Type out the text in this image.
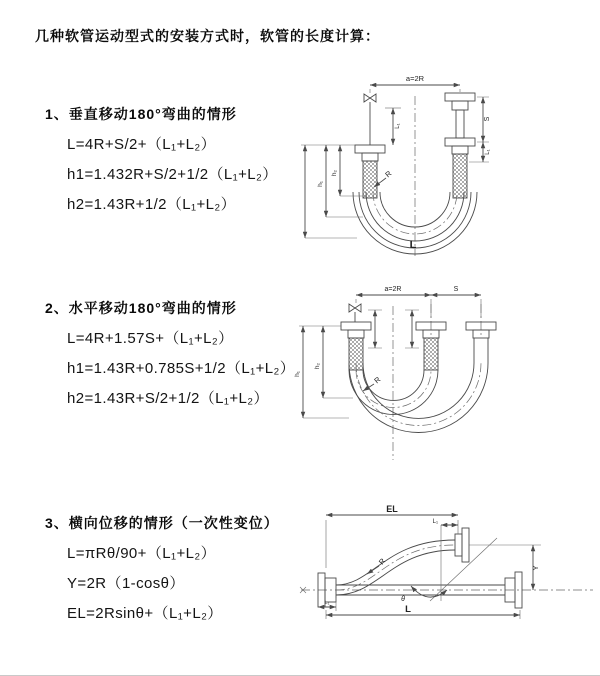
几种软管运动型式的安装方式时，软管的长度计算：
1、垂直移动180°弯曲的情形
L=4R+S/2+（L₁+L₂）
h1=1.432R+S/2+1/2（L₁+L₂）
h2=1.43R+1/2（L₁+L₂）
2、水平移动180°弯曲的情形
L=4R+1.57S+（L₁+L₂）
h1=1.43R+0.785S+1/2（L₁+L₂）
h2=1.43R+S/2+1/2（L₁+L₂）
3、横向位移的情形（一次性变位）
L=πRθ/90+（L₁+L₂）
Y=2R（1-cosθ）
EL=2Rsinθ+（L₁+L₂）
a=2R
L
h₁
h₂
L₁
S
L₁
R
a=2R	S
h₁
h₂
R
EL
L₁
Y
R
θ
L₁
L
